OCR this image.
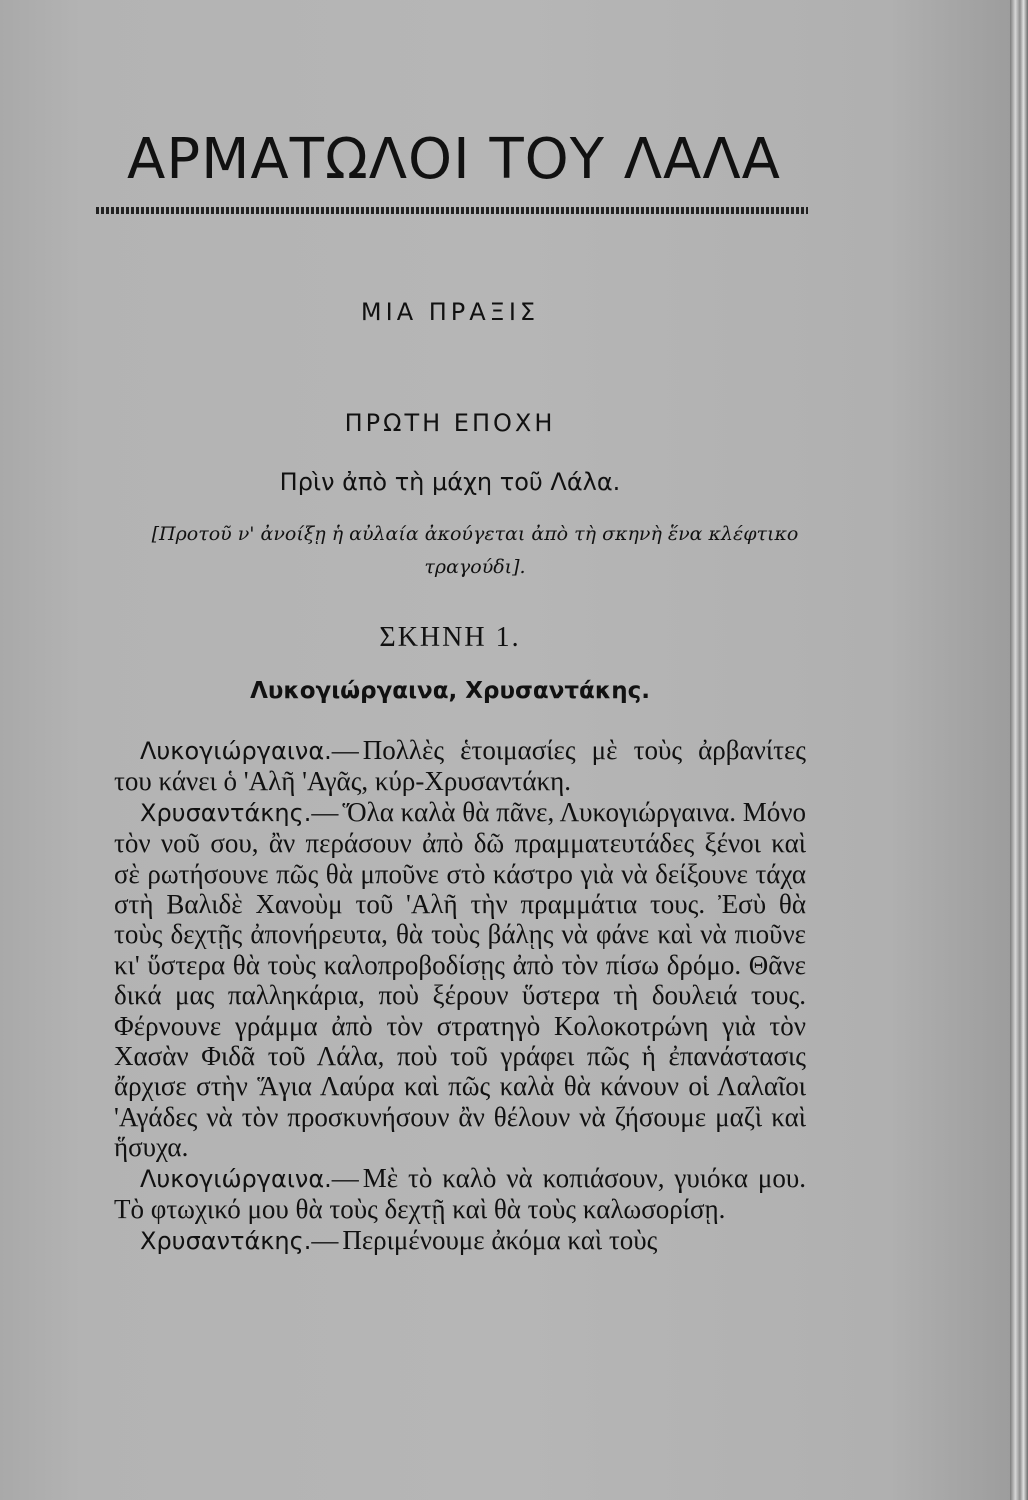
ΑΡΜΑΤΩΛΟΙ ΤΟΥ ΛΑΛΑ
ΜΙΑ ΠΡΑΞΙΣ
ΠΡΩΤΗ ΕΠΟΧΗ
Πρὶν ἀπὸ τὴ μάχη τοῦ Λάλα.
[Προτοῦ ν' ἀνοίξῃ ἡ αὐλαία ἀκούγεται ἀπὸ τὴ σκηνὴ ἕνα κλέφτικο τραγούδι].
ΣΚΗΝΗ 1.
Λυκογιώργαινα, Χρυσαντάκης.

Λυκογιώργαινα.— Πολλὲς ἑτοιμασίες μὲ τοὺς ἀρβανίτες του κάνει ὁ 'Αλῆ 'Αγᾶς, κύρ-Χρυσαντάκη.

Χρυσαντάκης.— Ὅλα καλὰ θὰ πᾶνε, Λυκογιώργαινα. Μόνο τὸν νοῦ σου, ἂν περάσουν ἀπὸ δῶ πραμματευτάδες ξένοι καὶ σὲ ρωτήσουνε πῶς θὰ μποῦνε στὸ κάστρο γιὰ νὰ δείξουνε τάχα στὴ Βαλιδὲ Χανοὺμ τοῦ 'Αλῆ τὴν πραμμάτια τους. Ἐσὺ θὰ τοὺς δεχτῇς ἀπονήρευτα, θὰ τοὺς βάλῃς νὰ φάνε καὶ νὰ πιοῦνε κι' ὕστερα θὰ τοὺς καλοπροβοδίσῃς ἀπὸ τὸν πίσω δρόμο. Θᾶνε δικά μας παλληκάρια, ποὺ ξέρουν ὕστερα τὴ δουλειά τους. Φέρνουνε γράμμα ἀπὸ τὸν στρατηγὸ Κολοκοτρώνη γιὰ τὸν Χασὰν Φιδᾶ τοῦ Λάλα, ποὺ τοῦ γράφει πῶς ἡ ἐπανάστασις ἄρχισε στὴν Ἅγια Λαύρα καὶ πῶς καλὰ θὰ κάνουν οἱ Λαλαῖοι 'Αγάδες νὰ τὸν προσκυνήσουν ἂν θέλουν νὰ ζήσουμε μαζὶ καὶ ἥσυχα.

Λυκογιώργαινα.— Μὲ τὸ καλὸ νὰ κοπιάσουν, γυιόκα μου. Τὸ φτωχικό μου θὰ τοὺς δεχτῇ καὶ θὰ τοὺς καλωσορίσῃ.

Χρυσαντάκης.— Περιμένουμε ἀκόμα καὶ τοὺς
